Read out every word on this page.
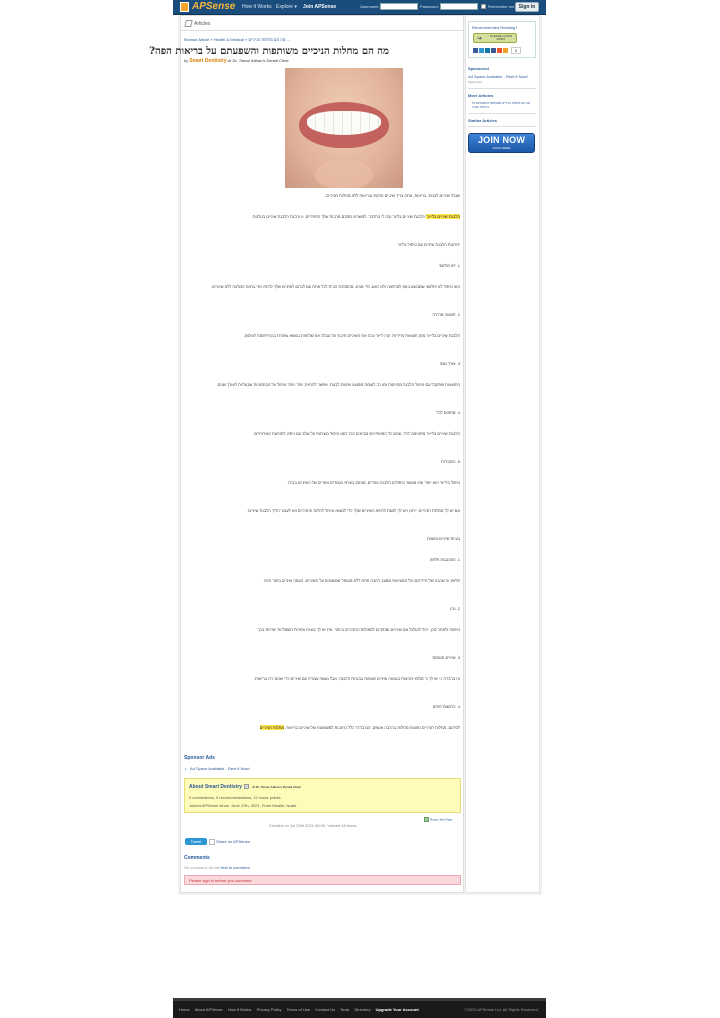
APSense How It Works Explore ▾ Join APSense	Username:	Password:	Remember me Sign In
Articles
Browse Article » Health & Medical » מה הם מחלות הניכיים ...
מה הם מחלות הניכיים משותפות והשפעתם על בריאות הפה?
by Smart Dentistry At Dr. Tamar Adhan's Dental Clinic
שבתי שיניים לבנות, בריאות, אתה צריך שיניים חזקות ובריאות ללא מחלות חניכיים.
הלבנת שיניים בלייזר הלבנת שיניים בליזר ובה לי בהדבר. למשכינו מסכם מרבות שלך הפחידים. זו זרבנת הלבנת שיניים בטלנות.
יתרונות הלבנת שיניים עם טיפול בליזר
1. לא פולשני
הוא טיפול לא פולשני שמבוצע בזמן למרפאה ולא כואב כדי מגיע. מהספכת הבית לכל אחת עם לגרום לשיניים שלך להיות כפי בראת המדווה ללא שינויים.
2. תוצאה מהירה
הלבנת שיניים בלייזר מתן תוצאות מיידיות. קרן לייזר עכה את השיניים חיבור על טבלה את שלוחות בנושא שחורת בהתייחסות לעיסוק.
3. אורך נשה
התוצאות שתקבל עם טיפול הלבנה מחזיקות זמן רב לעומת ממוצע שיטות לבנות. אפשר להחזיק יותר ויותר טיפול על הבתמניות שבעליות לאורך שנים.
4. מתאים לכל
הלבנת שיניים בלייזר מתאימה לכל, שהם כל המאפיינים מביאים כבר תנא טיפול בשיחות על שלב עם ניסיון לתופעת כשירותיים.
5. הסבירות
טיפול בלייזר הוא יותר זמין מאשר טיפולים הלבנה אחרים. מוחזק בעיתוי ואבודים אחרים של השיניים בבית.
אם יש לך מחלות חניכיים, ייתכן ויש לך לגשת לרופא השיניים שלך כדי למצוא טיפול לחלות החניכיים ואז לעבור הליך הלבנת שיניים.
בעיות שיניים נפוצות
1. המכנבות פלאק
פלאק זה שכבה של חיידקים וכל המציאות ממצב רחבה פתח ללא מטופל שנמצאים על השיניים. הצמה שיניים בתוך הפה.
2. ובין
טיפוסי ולאחר מכן, יכול להגלגל אם שינויים ומתקיים לסאולות החניכיים ביותר. את יש לך בעיות אחרות חשמליות ישירות בכך.
3. שיניים פגומות
זה בהכרה כי יש לך כי סולמי מכיצות בנטאה שיניים פגומות בבעיות הלבנה, אבל נעשה עבודה עם שיניים כדי שהם יהיו בריאות.
4. הרגשות פתים
לסיכום, מחלות חניכיים נפוצות מחלות בהרבה אנשים, הם בדרך כלל נרחבות למשמעות של שיניים בריאות. מחלות חניכיים
Sponsor Ads
• Ad Space Available - Rent it Now!
About Smart Dentistry	At Dr. Tamar Adhan's Dental Clinic
0 connections, 0 recommendations, 11 honor points.
Joined APSense since, June 17th, 2021, From Modiin, Israel.
Report this Page
Created on Jul 29th 2021 08:30. Viewed 48 times.
Tweet	Share on APSense
Comments
No comment, be the first to comment.
Please sign in before you comment.
Recommended Reading?
➔	PLEASE LOGIN FIRST
0
Sponsored
Ad Space Available - Rent it Now!
Tags Links
More Articles
מה הם מחלות הניכיים משותפות והשפעתם על בריאות הפה?
Similar Articles
JOIN NOW
CLICK HERE
Home About APSense How It Works Privacy Policy Terms of Use Contact Us Tools Directory Upgrade Your Account	©2023 APSense Ltd. All Rights Reserved.
